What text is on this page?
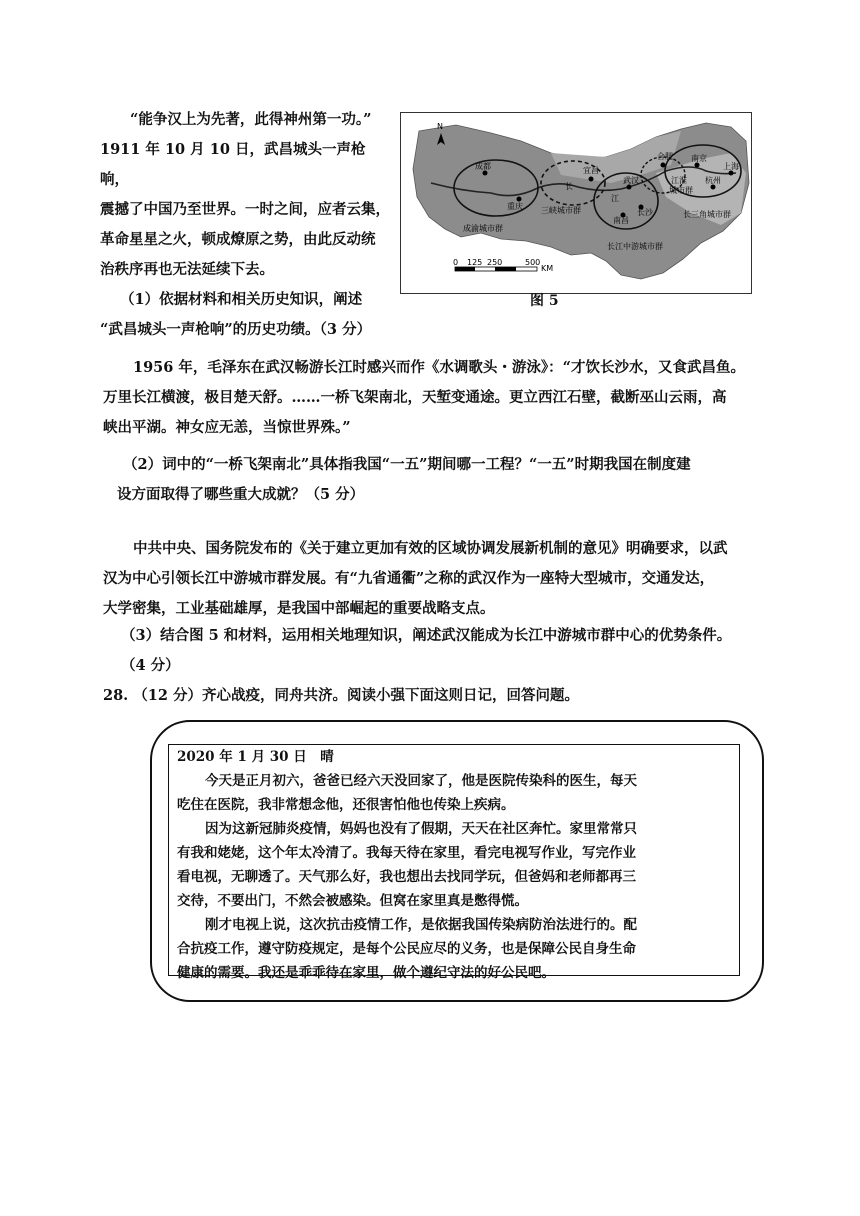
“能争汉上为先著，此得神州第一功。”
1911 年 10 月 10 日，武昌城头一声枪响，
震撼了中国乃至世界。一时之间，应者云集，
革命星星之火，顿成燎原之势，由此反动统
治秩序再也无法延续下去。
（1）依据材料和相关历史知识，阐述
“武昌城头一声枪响”的历史功绩。（3 分）
N
成都
重庆
成渝城市群
宜昌
长
江
三峡城市群
武汉
南昌
长沙
长江中游城市群
合肥
江淮
城市群
南京
上海
杭州
长三角城市群
0 125 250	500
KM
图 5
1956 年，毛泽东在武汉畅游长江时感兴而作《水调歌头・游泳》：“才饮长沙水，又食武昌鱼。
万里长江横渡，极目楚天舒。……一桥飞架南北，天堑变通途。更立西江石壁，截断巫山云雨，高
峡出平湖。神女应无恙，当惊世界殊。”
（2）词中的“一桥飞架南北”具体指我国“一五”期间哪一工程？“一五”时期我国在制度建
设方面取得了哪些重大成就？（5 分）
中共中央、国务院发布的《关于建立更加有效的区域协调发展新机制的意见》明确要求，以武
汉为中心引领长江中游城市群发展。有“九省通衢”之称的武汉作为一座特大型城市，交通发达，
大学密集，工业基础雄厚，是我国中部崛起的重要战略支点。
（3）结合图 5 和材料，运用相关地理知识，阐述武汉能成为长江中游城市群中心的优势条件。
（4 分）
28. （12 分）齐心战疫，同舟共济。阅读小强下面这则日记，回答问题。
2020 年 1 月 30 日　晴
今天是正月初六，爸爸已经六天没回家了，他是医院传染科的医生，每天
吃住在医院，我非常想念他，还很害怕他也传染上疾病。
因为这新冠肺炎疫情，妈妈也没有了假期，天天在社区奔忙。家里常常只
有我和姥姥，这个年太冷清了。我每天待在家里，看完电视写作业，写完作业
看电视，无聊透了。天气那么好，我也想出去找同学玩，但爸妈和老师都再三
交待，不要出门，不然会被感染。但窝在家里真是憋得慌。
刚才电视上说，这次抗击疫情工作，是依据我国传染病防治法进行的。配
合抗疫工作，遵守防疫规定，是每个公民应尽的义务，也是保障公民自身生命
健康的需要。我还是乖乖待在家里，做个遵纪守法的好公民吧。
